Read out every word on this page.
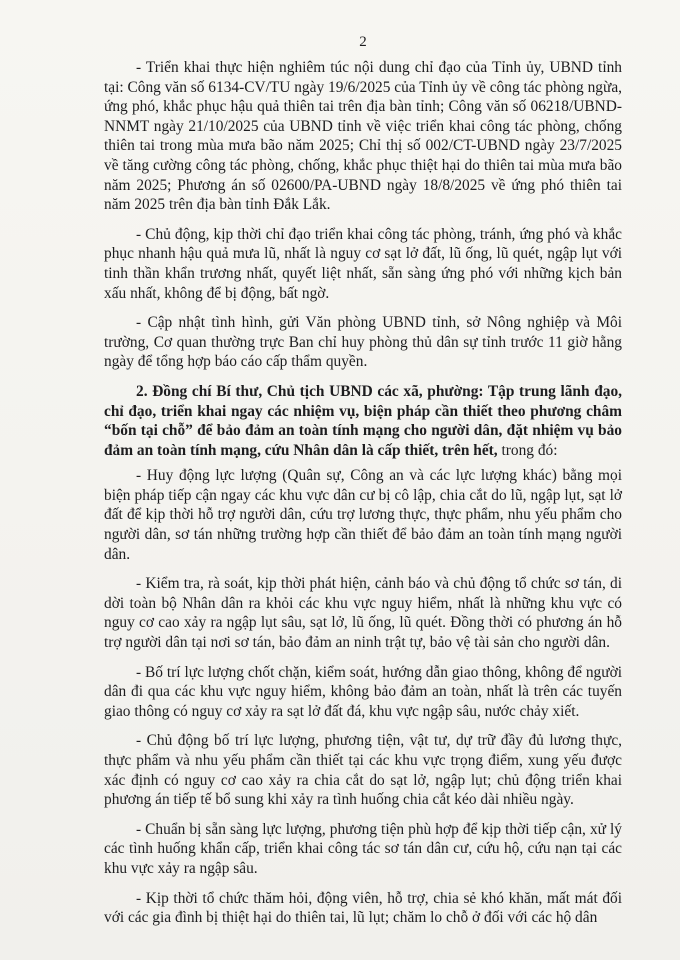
2

- Triển khai thực hiện nghiêm túc nội dung chỉ đạo của Tỉnh ủy, UBND tỉnh tại: Công văn số 6134-CV/TU ngày 19/6/2025 của Tỉnh ủy về công tác phòng ngừa, ứng phó, khắc phục hậu quả thiên tai trên địa bàn tỉnh; Công văn số 06218/UBND-NNMT ngày 21/10/2025 của UBND tỉnh về việc triển khai công tác phòng, chống thiên tai trong mùa mưa bão năm 2025; Chỉ thị số 002/CT-UBND ngày 23/7/2025 về tăng cường công tác phòng, chống, khắc phục thiệt hại do thiên tai mùa mưa bão năm 2025; Phương án số 02600/PA-UBND ngày 18/8/2025 về ứng phó thiên tai năm 2025 trên địa bàn tỉnh Đắk Lắk.

- Chủ động, kịp thời chỉ đạo triển khai công tác phòng, tránh, ứng phó và khắc phục nhanh hậu quả mưa lũ, nhất là nguy cơ sạt lở đất, lũ ống, lũ quét, ngập lụt với tinh thần khẩn trương nhất, quyết liệt nhất, sẵn sàng ứng phó với những kịch bản xấu nhất, không để bị động, bất ngờ.

- Cập nhật tình hình, gửi Văn phòng UBND tỉnh, sở Nông nghiệp và Môi trường, Cơ quan thường trực Ban chỉ huy phòng thủ dân sự tỉnh trước 11 giờ hằng ngày để tổng hợp báo cáo cấp thẩm quyền.

2. Đồng chí Bí thư, Chủ tịch UBND các xã, phường: Tập trung lãnh đạo, chỉ đạo, triển khai ngay các nhiệm vụ, biện pháp cần thiết theo phương châm “bốn tại chỗ” để bảo đảm an toàn tính mạng cho người dân, đặt nhiệm vụ bảo đảm an toàn tính mạng, cứu Nhân dân là cấp thiết, trên hết, trong đó:

- Huy động lực lượng (Quân sự, Công an và các lực lượng khác) bằng mọi biện pháp tiếp cận ngay các khu vực dân cư bị cô lập, chia cắt do lũ, ngập lụt, sạt lở đất để kịp thời hỗ trợ người dân, cứu trợ lương thực, thực phẩm, nhu yếu phẩm cho người dân, sơ tán những trường hợp cần thiết để bảo đảm an toàn tính mạng người dân.

- Kiểm tra, rà soát, kịp thời phát hiện, cảnh báo và chủ động tổ chức sơ tán, di dời toàn bộ Nhân dân ra khỏi các khu vực nguy hiểm, nhất là những khu vực có nguy cơ cao xảy ra ngập lụt sâu, sạt lở, lũ ống, lũ quét. Đồng thời có phương án hỗ trợ người dân tại nơi sơ tán, bảo đảm an ninh trật tự, bảo vệ tài sản cho người dân.

- Bố trí lực lượng chốt chặn, kiểm soát, hướng dẫn giao thông, không để người dân đi qua các khu vực nguy hiểm, không bảo đảm an toàn, nhất là trên các tuyến giao thông có nguy cơ xảy ra sạt lở đất đá, khu vực ngập sâu, nước chảy xiết.

- Chủ động bố trí lực lượng, phương tiện, vật tư, dự trữ đầy đủ lương thực, thực phẩm và nhu yếu phẩm cần thiết tại các khu vực trọng điểm, xung yếu được xác định có nguy cơ cao xảy ra chia cắt do sạt lở, ngập lụt; chủ động triển khai phương án tiếp tế bổ sung khi xảy ra tình huống chia cắt kéo dài nhiều ngày.

- Chuẩn bị sẵn sàng lực lượng, phương tiện phù hợp để kịp thời tiếp cận, xử lý các tình huống khẩn cấp, triển khai công tác sơ tán dân cư, cứu hộ, cứu nạn tại các khu vực xảy ra ngập sâu.

- Kịp thời tổ chức thăm hỏi, động viên, hỗ trợ, chia sẻ khó khăn, mất mát đối với các gia đình bị thiệt hại do thiên tai, lũ lụt; chăm lo chỗ ở đối với các hộ dân
